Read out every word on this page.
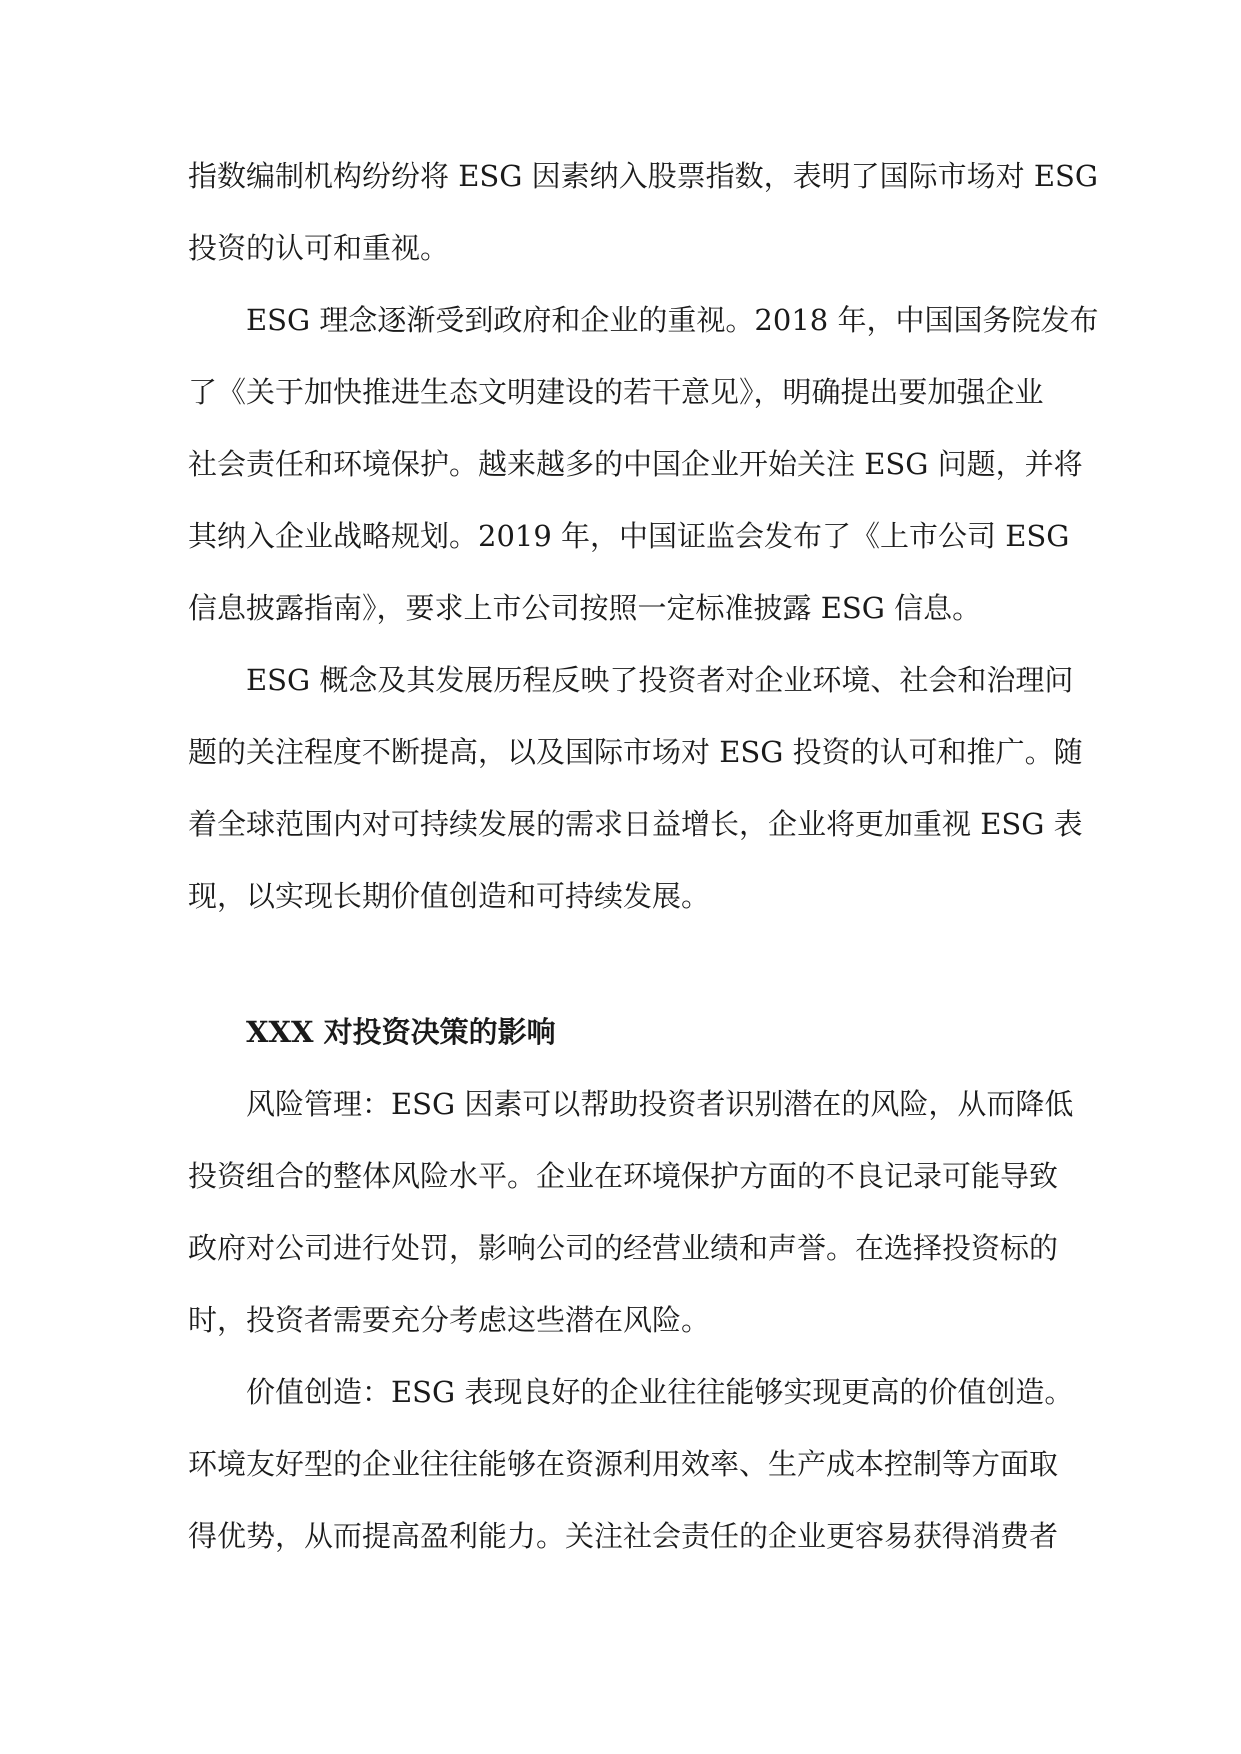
指数编制机构纷纷将 ESG 因素纳入股票指数，表明了国际市场对 ESG
投资的认可和重视。
ESG 理念逐渐受到政府和企业的重视。2018 年，中国国务院发布
了《关于加快推进生态文明建设的若干意见》，明确提出要加强企业
社会责任和环境保护。越来越多的中国企业开始关注 ESG 问题，并将
其纳入企业战略规划。2019 年，中国证监会发布了《上市公司 ESG
信息披露指南》，要求上市公司按照一定标准披露 ESG 信息。
ESG 概念及其发展历程反映了投资者对企业环境、社会和治理问
题的关注程度不断提高，以及国际市场对 ESG 投资的认可和推广。随
着全球范围内对可持续发展的需求日益增长，企业将更加重视 ESG 表
现，以实现长期价值创造和可持续发展。
XXX 对投资决策的影响
风险管理：ESG 因素可以帮助投资者识别潜在的风险，从而降低
投资组合的整体风险水平。企业在环境保护方面的不良记录可能导致
政府对公司进行处罚，影响公司的经营业绩和声誉。在选择投资标的
时，投资者需要充分考虑这些潜在风险。
价值创造：ESG 表现良好的企业往往能够实现更高的价值创造。
环境友好型的企业往往能够在资源利用效率、生产成本控制等方面取
得优势，从而提高盈利能力。关注社会责任的企业更容易获得消费者
